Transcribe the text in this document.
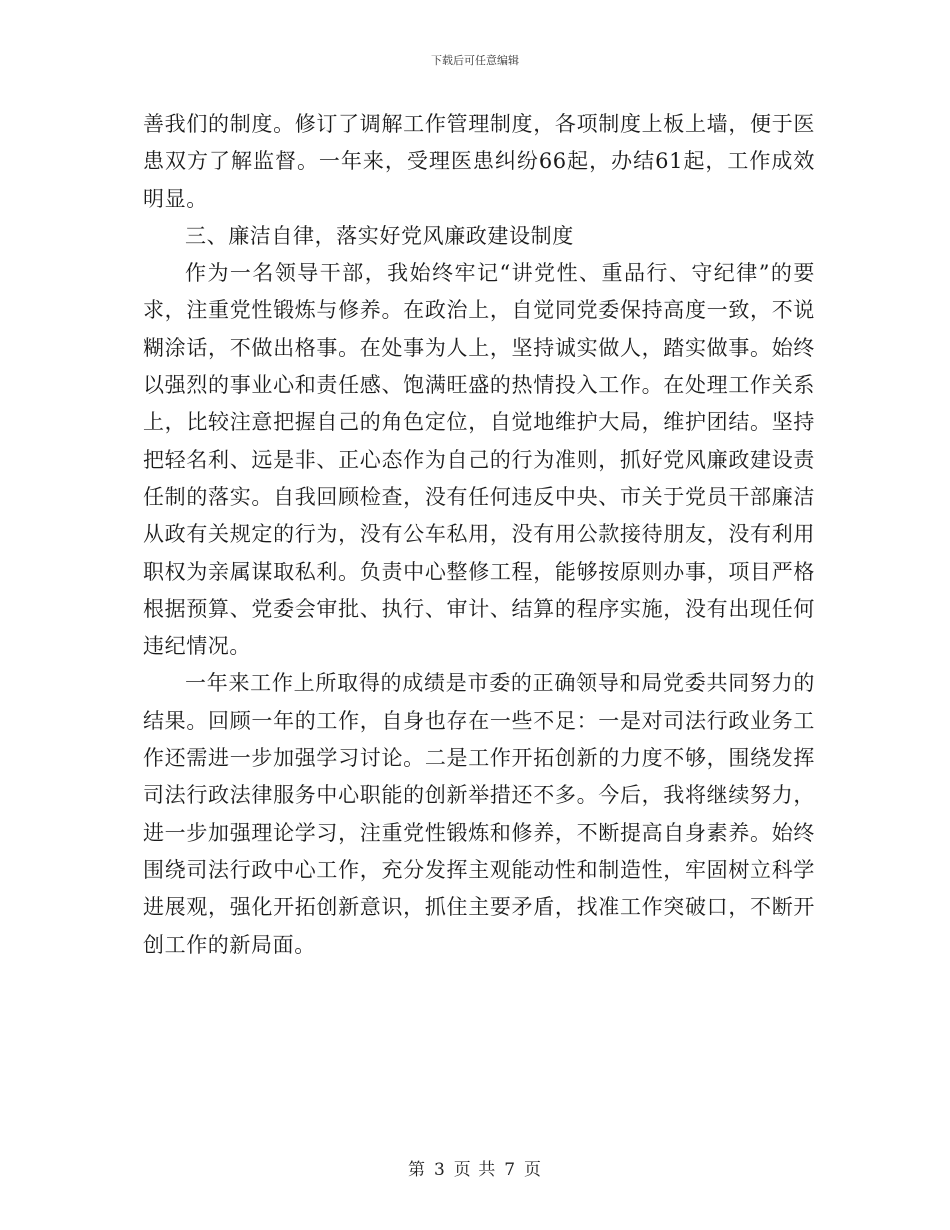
下载后可任意编辑

善我们的制度。修订了调解工作管理制度，各项制度上板上墙，便于医患双方了解监督。一年来，受理医患纠纷66起，办结61起，工作成效明显。

三、廉洁自律，落实好党风廉政建设制度

作为一名领导干部，我始终牢记“讲党性、重品行、守纪律”的要求，注重党性锻炼与修养。在政治上，自觉同党委保持高度一致，不说糊涂话，不做出格事。在处事为人上，坚持诚实做人，踏实做事。始终以强烈的事业心和责任感、饱满旺盛的热情投入工作。在处理工作关系上，比较注意把握自己的角色定位，自觉地维护大局，维护团结。坚持把轻名利、远是非、正心态作为自己的行为准则，抓好党风廉政建设责任制的落实。自我回顾检查，没有任何违反中央、市关于党员干部廉洁从政有关规定的行为，没有公车私用，没有用公款接待朋友，没有利用职权为亲属谋取私利。负责中心整修工程，能够按原则办事，项目严格根据预算、党委会审批、执行、审计、结算的程序实施，没有出现任何违纪情况。

一年来工作上所取得的成绩是市委的正确领导和局党委共同努力的结果。回顾一年的工作，自身也存在一些不足：一是对司法行政业务工作还需进一步加强学习讨论。二是工作开拓创新的力度不够，围绕发挥司法行政法律服务中心职能的创新举措还不多。今后，我将继续努力，进一步加强理论学习，注重党性锻炼和修养，不断提高自身素养。始终围绕司法行政中心工作，充分发挥主观能动性和制造性，牢固树立科学进展观，强化开拓创新意识，抓住主要矛盾，找准工作突破口，不断开创工作的新局面。

第 3 页 共 7 页
